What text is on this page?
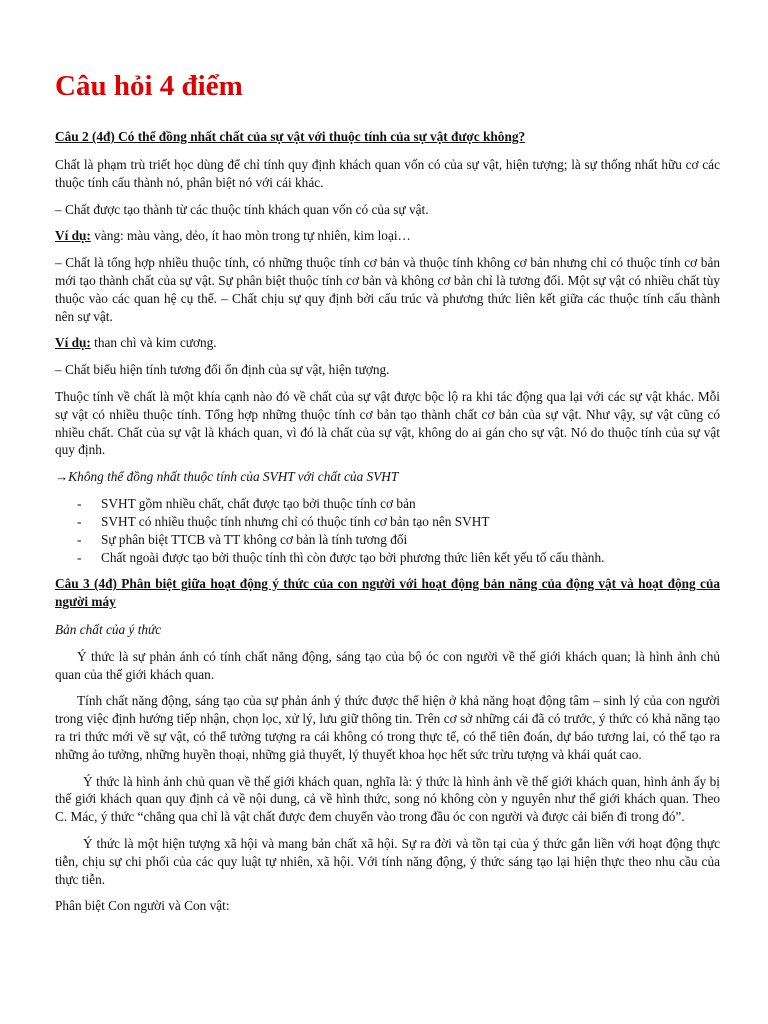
Câu hỏi 4 điểm
Câu 2 (4đ) Có thể đồng nhất chất của sự vật với thuộc tính của sự vật được không?

Chất là phạm trù triết học dùng để chỉ tính quy định khách quan vốn có của sự vật, hiện tượng; là sự thống nhất hữu cơ các thuộc tính cấu thành nó, phân biệt nó với cái khác.

– Chất được tạo thành từ các thuộc tính khách quan vốn có của sự vật.

Ví dụ: vàng: màu vàng, dẻo, ít hao mòn trong tự nhiên, kim loại…

– Chất là tổng hợp nhiều thuộc tính, có những thuộc tính cơ bản và thuộc tính không cơ bản nhưng chỉ có thuộc tính cơ bản mới tạo thành chất của sự vật. Sự phân biệt thuộc tính cơ bản và không cơ bản chỉ là tương đối. Một sự vật có nhiều chất tùy thuộc vào các quan hệ cụ thể. – Chất chịu sự quy định bởi cấu trúc và phương thức liên kết giữa các thuộc tính cấu thành nên sự vật.

Ví dụ: than chì và kim cương.

– Chất biểu hiện tính tương đối ổn định của sự vật, hiện tượng.

Thuộc tính về chất là một khía cạnh nào đó về chất của sự vật được bộc lộ ra khi tác động qua lại với các sự vật khác. Mỗi sự vật có nhiều thuộc tính. Tổng hợp những thuộc tính cơ bản tạo thành chất cơ bản của sự vật. Như vậy, sự vật cũng có nhiều chất. Chất của sự vật là khách quan, vì đó là chất của sự vật, không do ai gán cho sự vật. Nó do thuộc tính của sự vật quy định.

→Không thể đồng nhất thuộc tính của SVHT với chất của SVHT

- SVHT gồm nhiều chất, chất được tạo bởi thuộc tính cơ bản
- SVHT có nhiều thuộc tính nhưng chỉ có thuộc tính cơ bản tạo nên SVHT
- Sự phân biệt TTCB và TT không cơ bản là tính tương đối
- Chất ngoài được tạo bởi thuộc tính thì còn được tạo bởi phương thức liên kết yếu tố cấu thành.
Câu 3 (4đ) Phân biệt giữa hoạt động ý thức của con người với hoạt động bản năng của động vật và hoạt động của người máy

Bản chất của ý thức

Ý thức là sự phản ánh có tính chất năng động, sáng tạo của bộ óc con người về thế giới khách quan; là hình ảnh chủ quan của thế giới khách quan.

Tính chất năng động, sáng tạo của sự phản ánh ý thức được thể hiện ở khả năng hoạt động tâm – sinh lý của con người trong việc định hướng tiếp nhận, chọn lọc, xử lý, lưu giữ thông tin. Trên cơ sở những cái đã có trước, ý thức có khả năng tạo ra tri thức mới về sự vật, có thể tưởng tượng ra cái không có trong thực tế, có thể tiên đoán, dự báo tương lai, có thể tạo ra những ảo tưởng, những huyền thoại, những giả thuyết, lý thuyết khoa học hết sức trừu tượng và khái quát cao.

Ý thức là hình ảnh chủ quan về thế giới khách quan, nghĩa là: ý thức là hình ảnh về thế giới khách quan, hình ảnh ấy bị thế giới khách quan quy định cả về nội dung, cả về hình thức, song nó không còn y nguyên như thế giới khách quan. Theo C. Mác, ý thức “chẳng qua chỉ là vật chất được đem chuyển vào trong đầu óc con người và được cải biến đi trong đó”.

Ý thức là một hiện tượng xã hội và mang bản chất xã hội. Sự ra đời và tồn tại của ý thức gắn liền với hoạt động thực tiễn, chịu sự chi phối của các quy luật tự nhiên, xã hội. Với tính năng động, ý thức sáng tạo lại hiện thực theo nhu cầu của thực tiễn.

Phân biệt Con người và Con vật:
